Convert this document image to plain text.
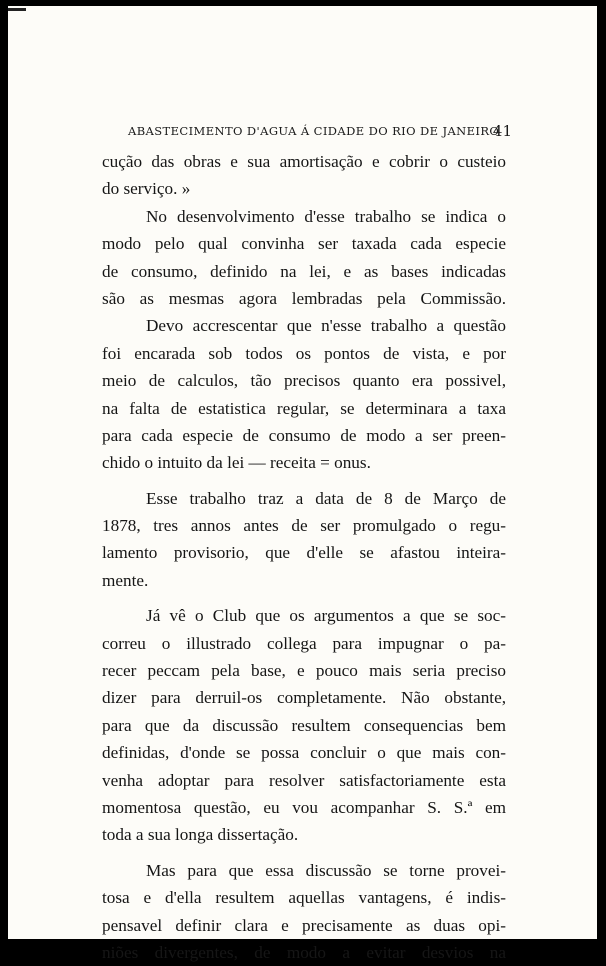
ABASTECIMENTO D'AGUA Á CIDADE DO RIO DE JANEIRO
41
cução das obras e sua amortisação e cobrir o custeio
do serviço. »
No desenvolvimento d'esse trabalho se indica o
modo pelo qual convinha ser taxada cada especie
de consumo, definido na lei, e as bases indicadas
são as mesmas agora lembradas pela Commissão.
Devo accrescentar que n'esse trabalho a questão
foi encarada sob todos os pontos de vista, e por
meio de calculos, tão precisos quanto era possivel,
na falta de estatistica regular, se determinara a taxa
para cada especie de consumo de modo a ser preen-
chido o intuito da lei — receita = onus.
Esse trabalho traz a data de 8 de Março de
1878, tres annos antes de ser promulgado o regu-
lamento provisorio, que d'elle se afastou inteira-
mente.
Já vê o Club que os argumentos a que se soc-
correu o illustrado collega para impugnar o pa-
recer peccam pela base, e pouco mais seria preciso
dizer para derruil-os completamente. Não obstante,
para que da discussão resultem consequencias bem
definidas, d'onde se possa concluir o que mais con-
venha adoptar para resolver satisfactoriamente esta
momentosa questão, eu vou acompanhar S. S.ª em
toda a sua longa dissertação.
Mas para que essa discussão se torne provei-
tosa e d'ella resultem aquellas vantagens, é indis-
pensavel definir clara e precisamente as duas opi-
niões divergentes, de modo a evitar desvios na
